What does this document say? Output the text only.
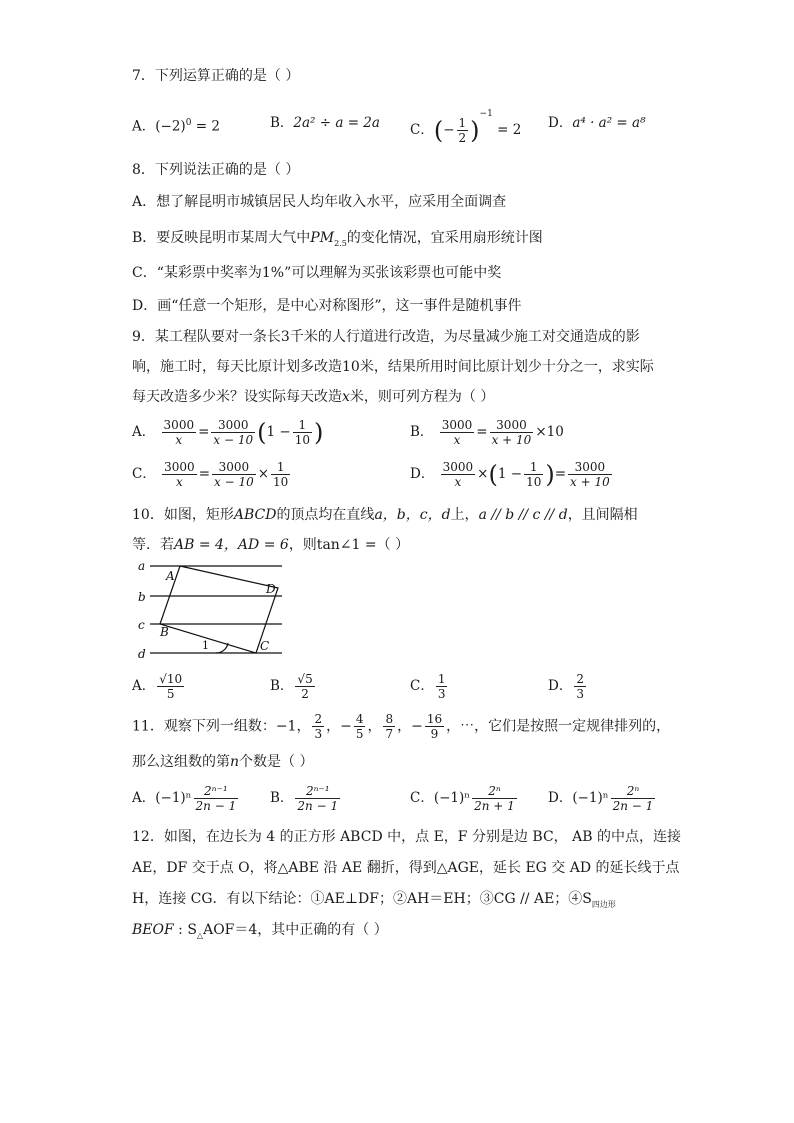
7．下列运算正确的是（ ）
A．$(-2)^0 = 2$	B．2a² ÷ a = 2a C．(− $\frac{1}{2} )^{-1} = 2$ D．a⁴ · a² = a⁸
8．下列说法正确的是（ ）
A．想了解昆明市城镇居民人均年收入水平，应采用全面调查
B．要反映昆明市某周大气中$PM_{2.5}$的变化情况，宜采用扇形统计图
C．“某彩票中奖率为1%”可以理解为买张该彩票也可能中奖
D．画“任意一个矩形，是中心对称图形”，这一事件是随机事件
9．某工程队要对一条长3千米的人行道进行改造，为尽量减少施工对交通造成的影
响，施工时，每天比原计划多改造10米，结果所用时间比原计划少十分之一，求实际
每天改造多少米？设实际每天改造x米，则可列方程为（ ）
A． $\frac{3000}{x} = \frac{3000}{x - 10} (1 - \frac{1}{10}$ )	B． $\frac{3000}{x} = \frac{3000}{x + 10} \times 10$
C． $\frac{3000}{x} = \frac{3000}{x - 10} \times \frac{1}{10}$	D． $\frac{3000}{x} \times(1 - \frac{1}{10}$ )= $\frac{3000}{x + 10}$
10．如图，矩形ABCD的顶点均在直线a，b，c，d上，a // b // c // d，且间隔相
等．若AB = 4，AD = 6，则tan∠1 =（ ）
a
b
c
d
A
D
B
C
1
A． $\frac{√10}{5}$	B． $\frac{√5}{2}$	C． $\frac{1}{3}$	D． $\frac{2}{3}$
11．观察下列一组数：−1， $\frac{2}{3}$ ，− $\frac{4}{5}$ ， $\frac{8}{7}$ ，− $\frac{16}{9}$ ，⋯，它们是按照一定规律排列的，
那么这组数的第n个数是（ ）
A．$(-1)^n \frac{\text{2ⁿ⁻¹}}{2n - 1}$ B． $\frac{\text{2ⁿ⁻¹}}{2n - 1}$	C．$(-1)^n \frac{\text{2ⁿ}}{2n + 1}$ D．$(-1)^n \frac{\text{2ⁿ}}{2n - 1}$
12．如图，在边长为 4 的正方形 ABCD 中，点 E，F 分别是边 BC， AB 的中点，连接
AE，DF 交于点 O，将△ABE 沿 AE 翻折，得到△AGE，延长 EG 交 AD 的延长线于点
H，连接 CG．有以下结论：①AE⊥DF；②AH＝EH；③CG // AE；$④S_{四边形}$
BEOF : $S_\triangle AOF=4$，其中正确的有（ ）
